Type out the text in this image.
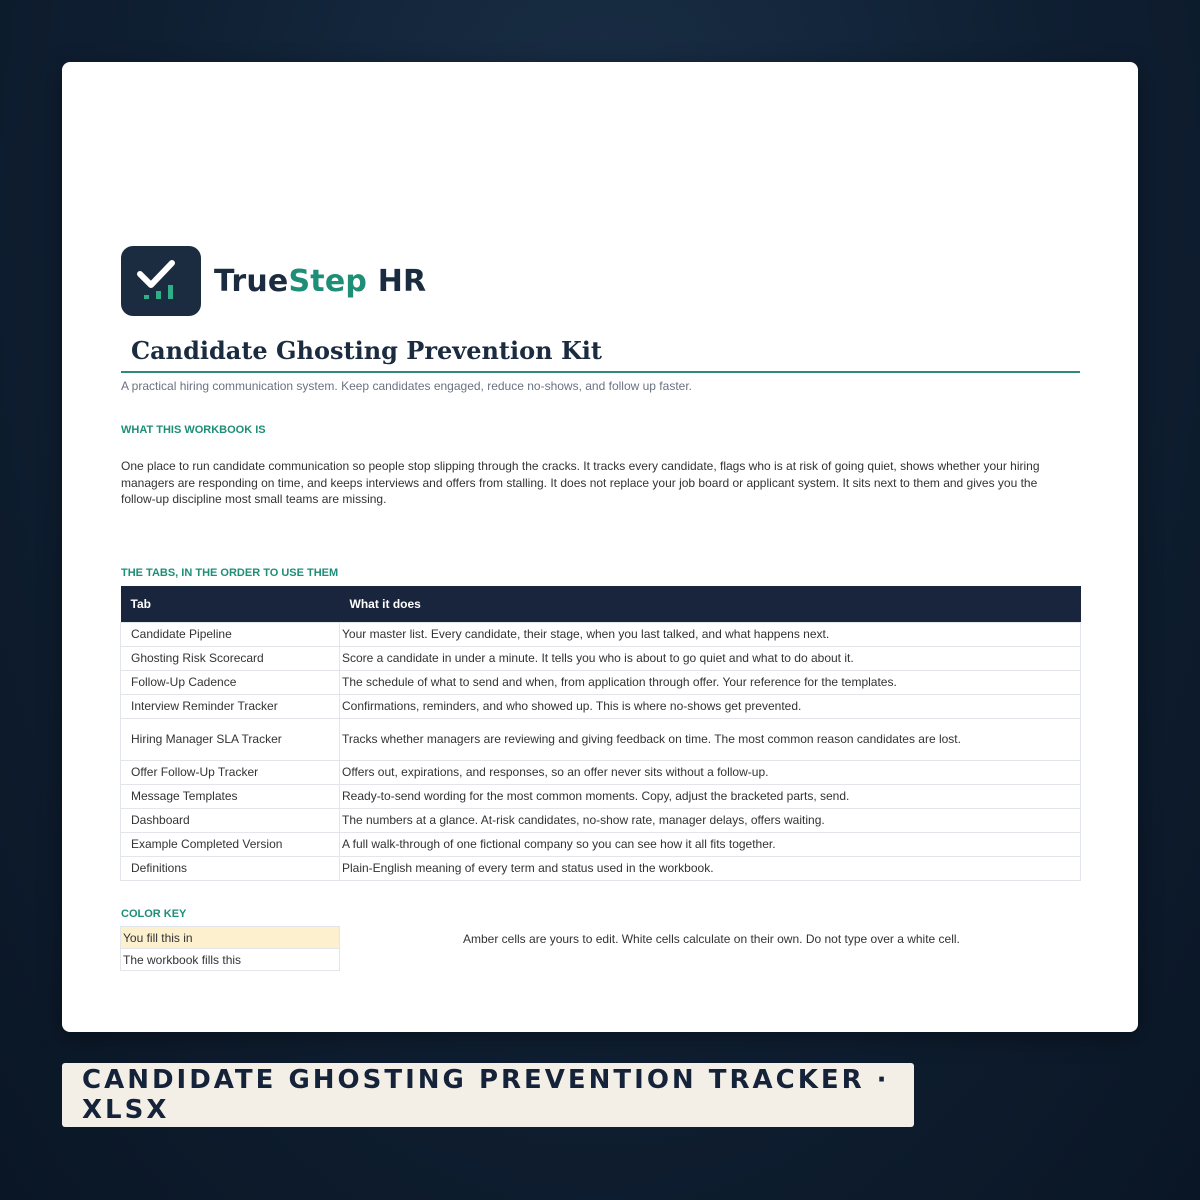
TrueStep HR
Candidate Ghosting Prevention Kit
A practical hiring communication system. Keep candidates engaged, reduce no-shows, and follow up faster.
WHAT THIS WORKBOOK IS
One place to run candidate communication so people stop slipping through the cracks. It tracks every candidate, flags who is at risk of going quiet, shows whether your hiring managers are responding on time, and keeps interviews and offers from stalling. It does not replace your job board or applicant system. It sits next to them and gives you the follow-up discipline most small teams are missing.
THE TABS, IN THE ORDER TO USE THEM
Tab	What it does
Candidate Pipeline	Your master list. Every candidate, their stage, when you last talked, and what happens next.
Ghosting Risk Scorecard	Score a candidate in under a minute. It tells you who is about to go quiet and what to do about it.
Follow-Up Cadence	The schedule of what to send and when, from application through offer. Your reference for the templates.
Interview Reminder Tracker	Confirmations, reminders, and who showed up. This is where no-shows get prevented.
Hiring Manager SLA Tracker	Tracks whether managers are reviewing and giving feedback on time. The most common reason candidates are lost.
Offer Follow-Up Tracker	Offers out, expirations, and responses, so an offer never sits without a follow-up.
Message Templates	Ready-to-send wording for the most common moments. Copy, adjust the bracketed parts, send.
Dashboard	The numbers at a glance. At-risk candidates, no-show rate, manager delays, offers waiting.
Example Completed Version	A full walk-through of one fictional company so you can see how it all fits together.
Definitions	Plain-English meaning of every term and status used in the workbook.
COLOR KEY
You fill this in
The workbook fills this
Amber cells are yours to edit. White cells calculate on their own. Do not type over a white cell.
CANDIDATE GHOSTING PREVENTION TRACKER · XLSX
